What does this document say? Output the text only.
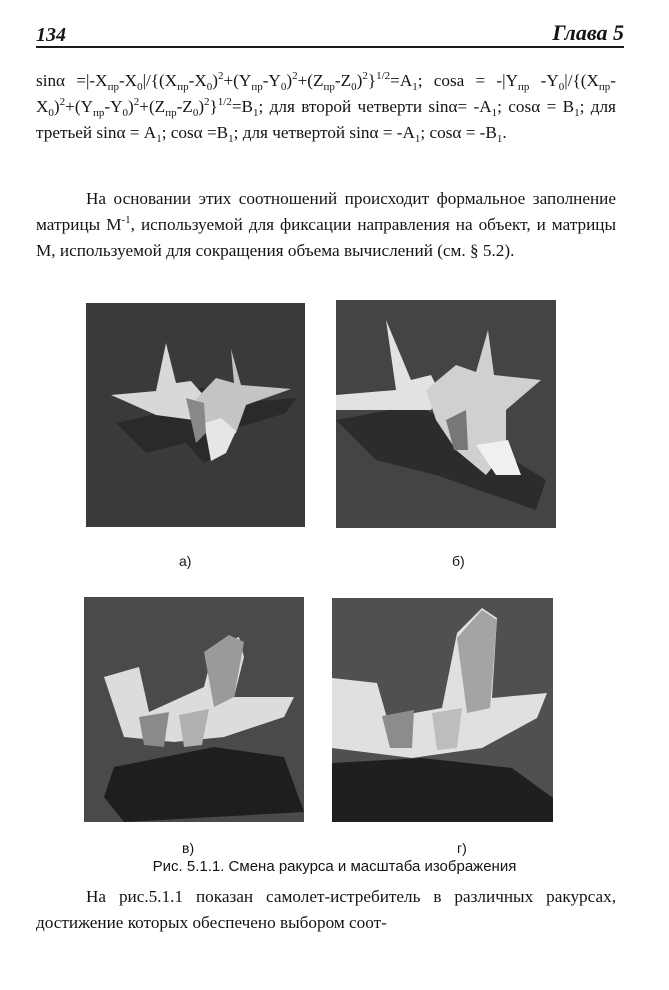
134	Глава 5
$\sin\alpha =|-X_{пр}-X_0|/\{(X_{пр}-X_0)^2+(Y_{пр}-Y_0)^2+(Z_{пр}-Z_0)^2\}^{1/2}=A_1$; $\cos a = -|Y_{пр}$ $-Y_0|/\{(X_{пр}-X_0)^2+(Y_{пр}-Y_0)^2+(Z_{пр}-Z_0)^2\}^{1/2}=B_1$; для второй четверти $\sin\alpha= -A_1$; $\cos\alpha = B_1$; для третьей $\sin\alpha = A_1$; $\cos\alpha =B_1$; для четвертой $\sin\alpha = -A_1$; $\cos\alpha = -B_1$.
На основании этих соотношений происходит формальное заполнение матрицы $М^{-1}$, используемой для фиксации направления на объект, и матрицы М, используемой для сокращения объема вычислений (см. § 5.2).
а)	б)
в)	г)
Рис. 5.1.1. Смена ракурса и масштаба изображения
На рис.5.1.1 показан самолет-истребитель в различных ракурсах, достижение которых обеспечено выбором соот-
